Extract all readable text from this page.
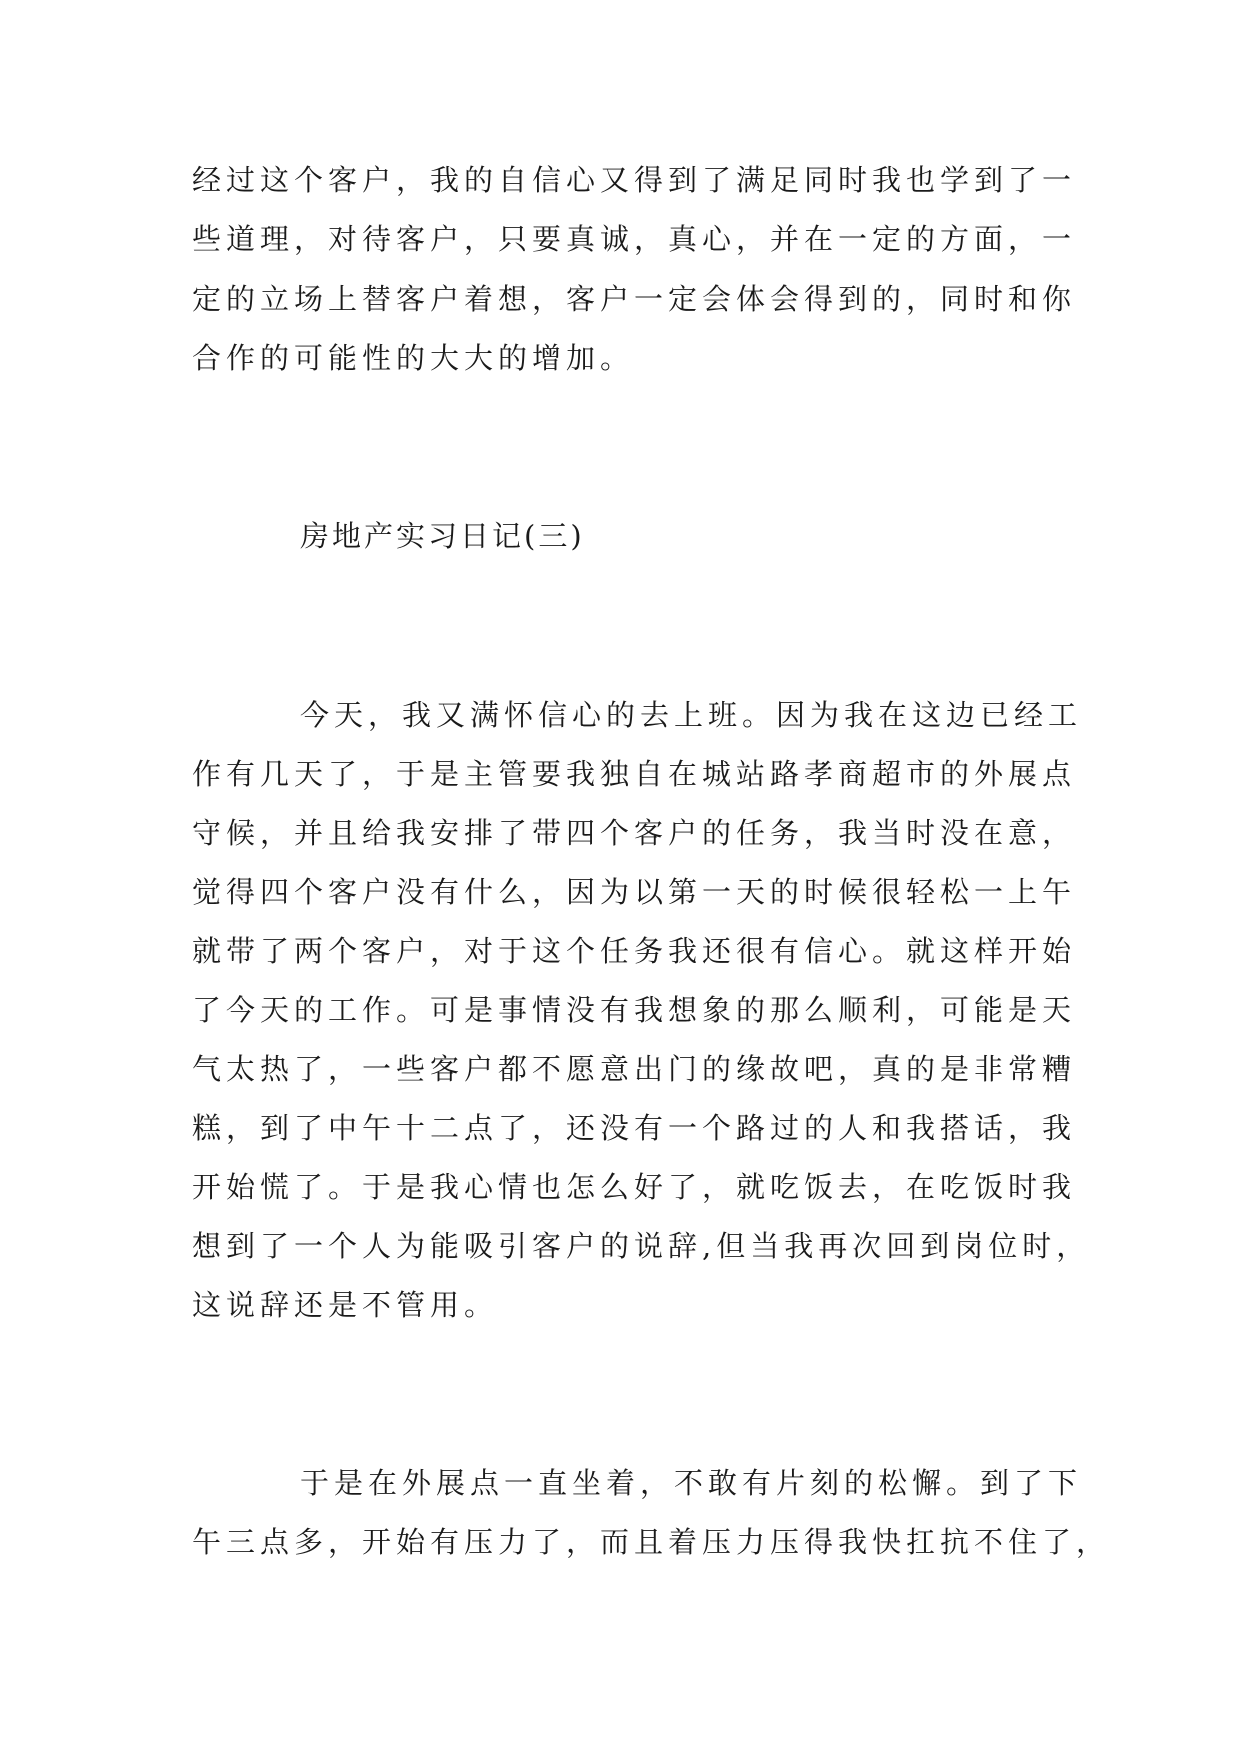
经过这个客户，我的自信心又得到了满足同时我也学到了一
些道理，对待客户，只要真诚，真心，并在一定的方面，一
定的立场上替客户着想，客户一定会体会得到的，同时和你
合作的可能性的大大的增加。
房地产实习日记(三)
今天，我又满怀信心的去上班。因为我在这边已经工
作有几天了，于是主管要我独自在城站路孝商超市的外展点
守候，并且给我安排了带四个客户的任务，我当时没在意，
觉得四个客户没有什么，因为以第一天的时候很轻松一上午
就带了两个客户，对于这个任务我还很有信心。就这样开始
了今天的工作。可是事情没有我想象的那么顺利，可能是天
气太热了，一些客户都不愿意出门的缘故吧，真的是非常糟
糕，到了中午十二点了，还没有一个路过的人和我搭话，我
开始慌了。于是我心情也怎么好了，就吃饭去，在吃饭时我
想到了一个人为能吸引客户的说辞,但当我再次回到岗位时，
这说辞还是不管用。
于是在外展点一直坐着，不敢有片刻的松懈。到了下
午三点多，开始有压力了，而且着压力压得我快扛抗不住了，
